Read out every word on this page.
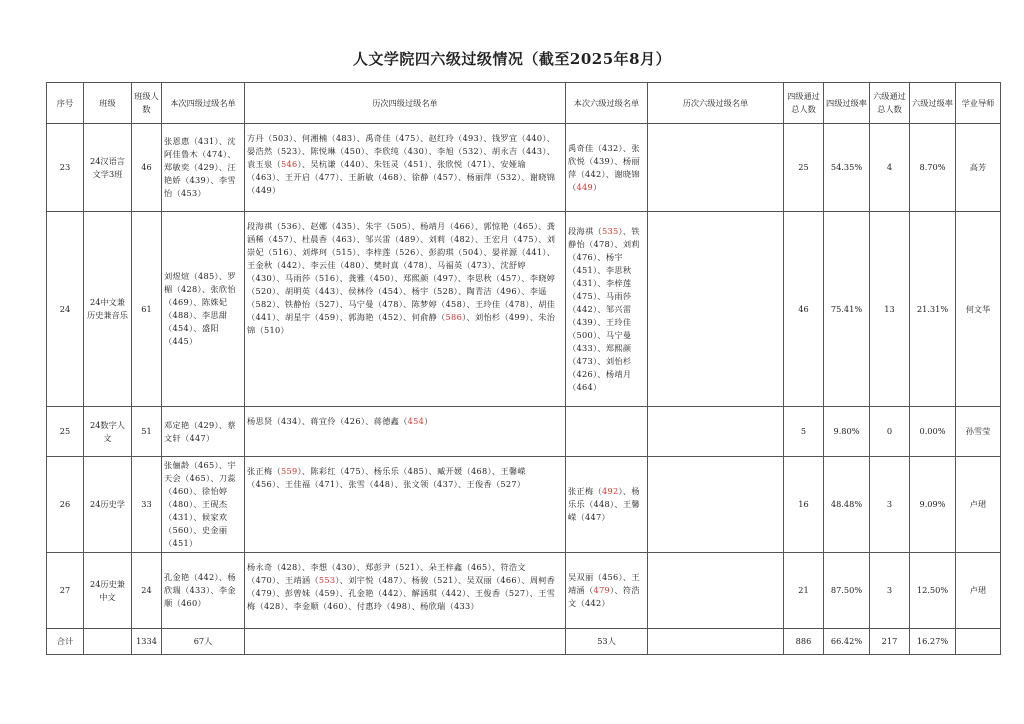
人文学院四六级过级情况（截至2025年8月）
序号	班级	班级人数	本次四级过级名单	历次四级过级名单	本次六级过级名单	历次六级过级名单	四级通过总人数	四级过级率	六级通过总人数	六级过级率	学业导师
23	24汉语言文学3班	46	张恩惠（431）、沈阿佳鲁木（474）、郑敏奕（429）、汪艳娇（439）、李雪怡（453）	方丹（503）、何湘楠（483）、禹奇佳（475）、赵红玲（493）、钱罗宜（440）、晏浩然（523）、陈悦琳（450）、李欣纯（430）、李旭（532）、胡永吉（443）、袁玉泉（546）、吴杭谦（440）、朱钰灵（451）、张欣悦（471）、安娅瑜（463）、王开启（477）、王新敏（468）、徐静（457）、杨丽萍（532）、谢晓锦（449）	禹奇佳（432）、张欣悦（439）、杨丽萍（442）、谢晓锦（449）		25	54.35%	4	8.70%	高芳
24	24中文兼历史兼音乐	61	刘煜煊（485）、罗楣（428）、张欣怡（469）、陈姝妃（488）、李思甜（454）、盛阳（445）	段海祺（536）、赵娜（435）、朱宇（505）、杨靖月（466）、郭惊艳（465）、龚涵稀（457）、杜晨香（463）、邹兴雷（489）、刘莉（482）、王宏月（475）、刘崇妃（516）、刘烨珂（515）、李梓莲（526）、彭韵琪（504）、晏祥源（441）、王金秋（442）、李云佳（480）、樊时真（478）、马福英（473）、沈舒婷（430）、马雨莎（516）、龚雅（450）、郑熙颜（497）、李思秋（457）、李晓婷（520）、胡明英（443）、侯林伶（454）、杨宇（528）、陶青洁（496）、李遥（582）、铁静怡（527）、马宁曼（478）、陈梦婷（458）、王玲佳（478）、胡佳（441）、胡星宇（459）、郭海艳（452）、何俞静（586）、刘怡杉（499）、朱治锦（510）	段海祺（535）、铁静怡（478）、刘莉（476）、杨宇（451）、李思秋（431）、李梓莲（475）、马雨莎（442）、邹兴雷（439）、王玲佳（500）、马宁曼（433）、郑熙颜（473）、刘怡杉（426）、杨靖月（464）		46	75.41%	13	21.31%	何文华
25	24数字人文	51	邓定艳（429）、蔡文轩（447）	杨思贤（434）、蒋宜伶（426）、蒋德鑫（454）			5	9.80%	0	0.00%	孙雪莹
26	24历史学	33	张俪龄（465）、宇天会（465）、刀蕊（460）、徐怡婷（480）、王砚杰（431）、候家欢（560）、史金丽（451）	张正梅（559）、陈彩红（475）、杨乐乐（485）、臧开媛（468）、王馨嵘（456）、王佳福（471）、张雪（448）、张文领（437）、王俊香（527）	张正梅（492）、杨乐乐（448）、王馨嵘（447）		16	48.48%	3	9.09%	卢珺
27	24历史兼中文	24	孔金艳（442）、杨欣瑞（433）、李金顺（460）	杨永奇（428）、李想（430）、郑彭尹（521）、朵王梓鑫（465）、符浩文（470）、王靖涵（553）、刘宇悦（487）、杨骏（521）、吴双丽（466）、周柯香（479）、彭曾妹（459）、孔金艳（442）、解涵琪（442）、王俊香（527）、王雪梅（428）、李金顺（460）、付惠玲（498）、杨欣瑞（433）	吴双丽（456）、王靖涵（479）、符浩文（442）		21	87.50%	3	12.50%	卢珺
合计		1334	67人		53人		886	66.42%	217	16.27%	
